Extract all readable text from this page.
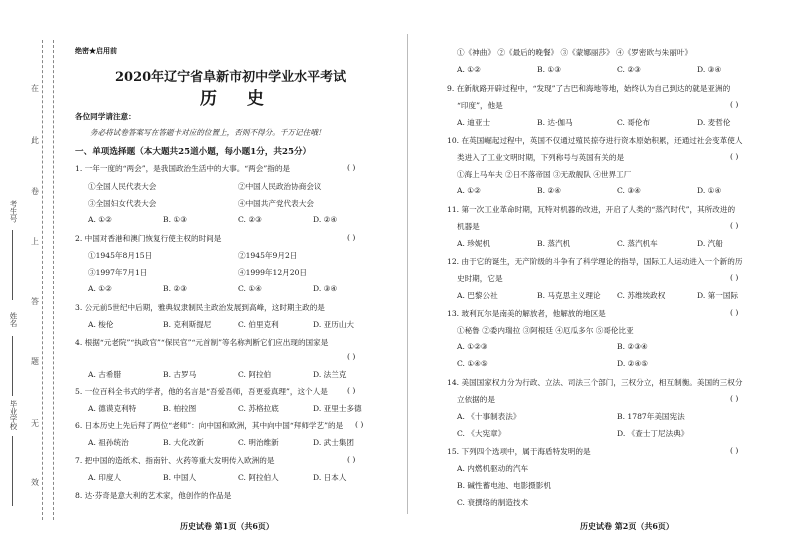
在
此
卷
上
答
题
无
效
考生号
姓名
毕业学校
绝密★启用前
2020年辽宁省阜新市初中学业水平考试
历 史
各位同学请注意：
务必将试卷答案写在答题卡对应的位置上，否则不得分。千万记住哦！
一、单项选择题（本大题共25道小题，每小题1分，共25分）
1. 一年一度的“两会”，是我国政治生活中的大事。“两会”指的是	( )
①全国人民代表大会	②中国人民政治协商会议
③全国妇女代表大会	④中国共产党代表大会
A. ①②	B. ①③	C. ②③	D. ②④
2. 中国对香港和澳门恢复行使主权的时间是	( )
①1945年8月15日	②1945年9月2日
③1997年7月1日	④1999年12月20日
A. ①②	B. ②③	C. ①④	D. ③④
3. 公元前5世纪中后期，雅典奴隶制民主政治发展到高峰，这时期主政的是
A. 梭伦	B. 克利斯提尼	C. 伯里克利	D. 亚历山大
4. 根据“元老院”“执政官”“保民官”“元首制”等名称判断它们应出现的国家是
( )
A. 古希腊	B. 古罗马	C. 阿拉伯	D. 法兰克
5. 一位百科全书式的学者，他的名言是“吾爱吾师，吾更爱真理”，这个人是	( )
A. 德谟克利特	B. 柏拉图	C. 苏格拉底	D. 亚里士多德
6. 日本历史上先后拜了两位“老师”：向中国和欧洲，其中向中国“拜师学艺”的是 ( )
A. 祖孙统治	B. 大化改新	C. 明治维新	D. 武士集团
7. 把中国的造纸术、指南针、火药等重大发明传入欧洲的是	( )
A. 印度人	B. 中国人	C. 阿拉伯人	D. 日本人
8. 达·芬奇是意大利的艺术家，他创作的作品是
历史试卷 第1页（共6页）
①《神曲》 ②《最后的晚餐》 ③《蒙娜丽莎》 ④《罗密欧与朱丽叶》
A. ①②	B. ①③	C. ②③	D. ③④
9. 在新航路开辟过程中，“发现”了古巴和海地等地，始终认为自己到达的就是亚洲的
“印度”，他是	( )
A. 迪亚士	B. 达·伽马	C. 哥伦布	D. 麦哲伦
10. 在英国崛起过程中，英国不仅通过殖民掠夺进行资本原始积累，还通过社会变革使人
类进入了工业文明时期，下列称号与英国有关的是	( )
①海上马车夫 ②日不落帝国 ③无敌舰队 ④世界工厂
A. ①②	B. ②④	C. ③④	D. ①④
11. 第一次工业革命时期，瓦特对机器的改进，开启了人类的“蒸汽时代”，其所改进的
机器是	( )
A. 珍妮机	B. 蒸汽机	C. 蒸汽机车	D. 汽船
12. 由于它的诞生，无产阶级的斗争有了科学理论的指导，国际工人运动进入一个新的历
史时期，它是	( )
A. 巴黎公社	B. 马克思主义理论 C. 苏维埃政权	D. 第一国际
13. 玻利瓦尔是南美的解放者，他解放的地区是	( )
①秘鲁 ②委内瑞拉 ③阿根廷 ④厄瓜多尔 ⑤哥伦比亚
A. ①②③	B. ②③④
C. ①④⑤	D. ②④⑤
14. 美国国家权力分为行政、立法、司法三个部门，三权分立，相互制衡。美国的三权分
立依据的是	( )
A. 《十事制表法》	B. 1787年美国宪法
C. 《大宪章》	D. 《查士丁尼法典》
15. 下列四个选项中，属于海盾特发明的是	( )
A. 内燃机驱动的汽车
B. 碱性蓄电池、电影摄影机
C. 衰撰络的制造技术
历史试卷 第2页（共6页）
